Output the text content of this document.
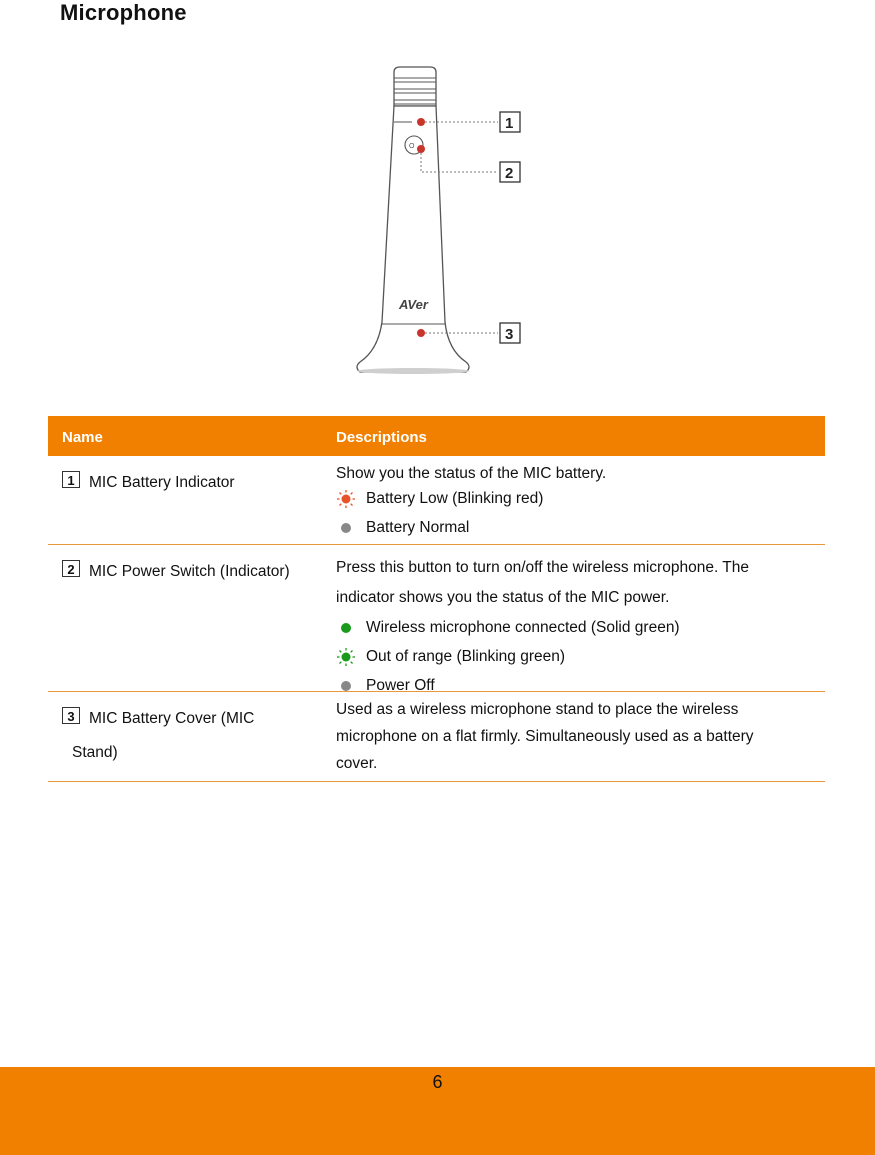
Microphone
O
AVer
1
2
3
Name	Descriptions
1 MIC Battery Indicator
Show you the status of the MIC battery.
Battery Low (Blinking red)
Battery Normal
2 MIC Power Switch (Indicator)	Press this button to turn on/off the wireless microphone. The
indicator shows you the status of the MIC power.
Wireless microphone connected (Solid green)
Out of range (Blinking green)
Power Off
3 MIC Battery Cover (MIC
Stand)
Used as a wireless microphone stand to place the wireless
microphone on a flat firmly. Simultaneously used as a battery
cover.
6
